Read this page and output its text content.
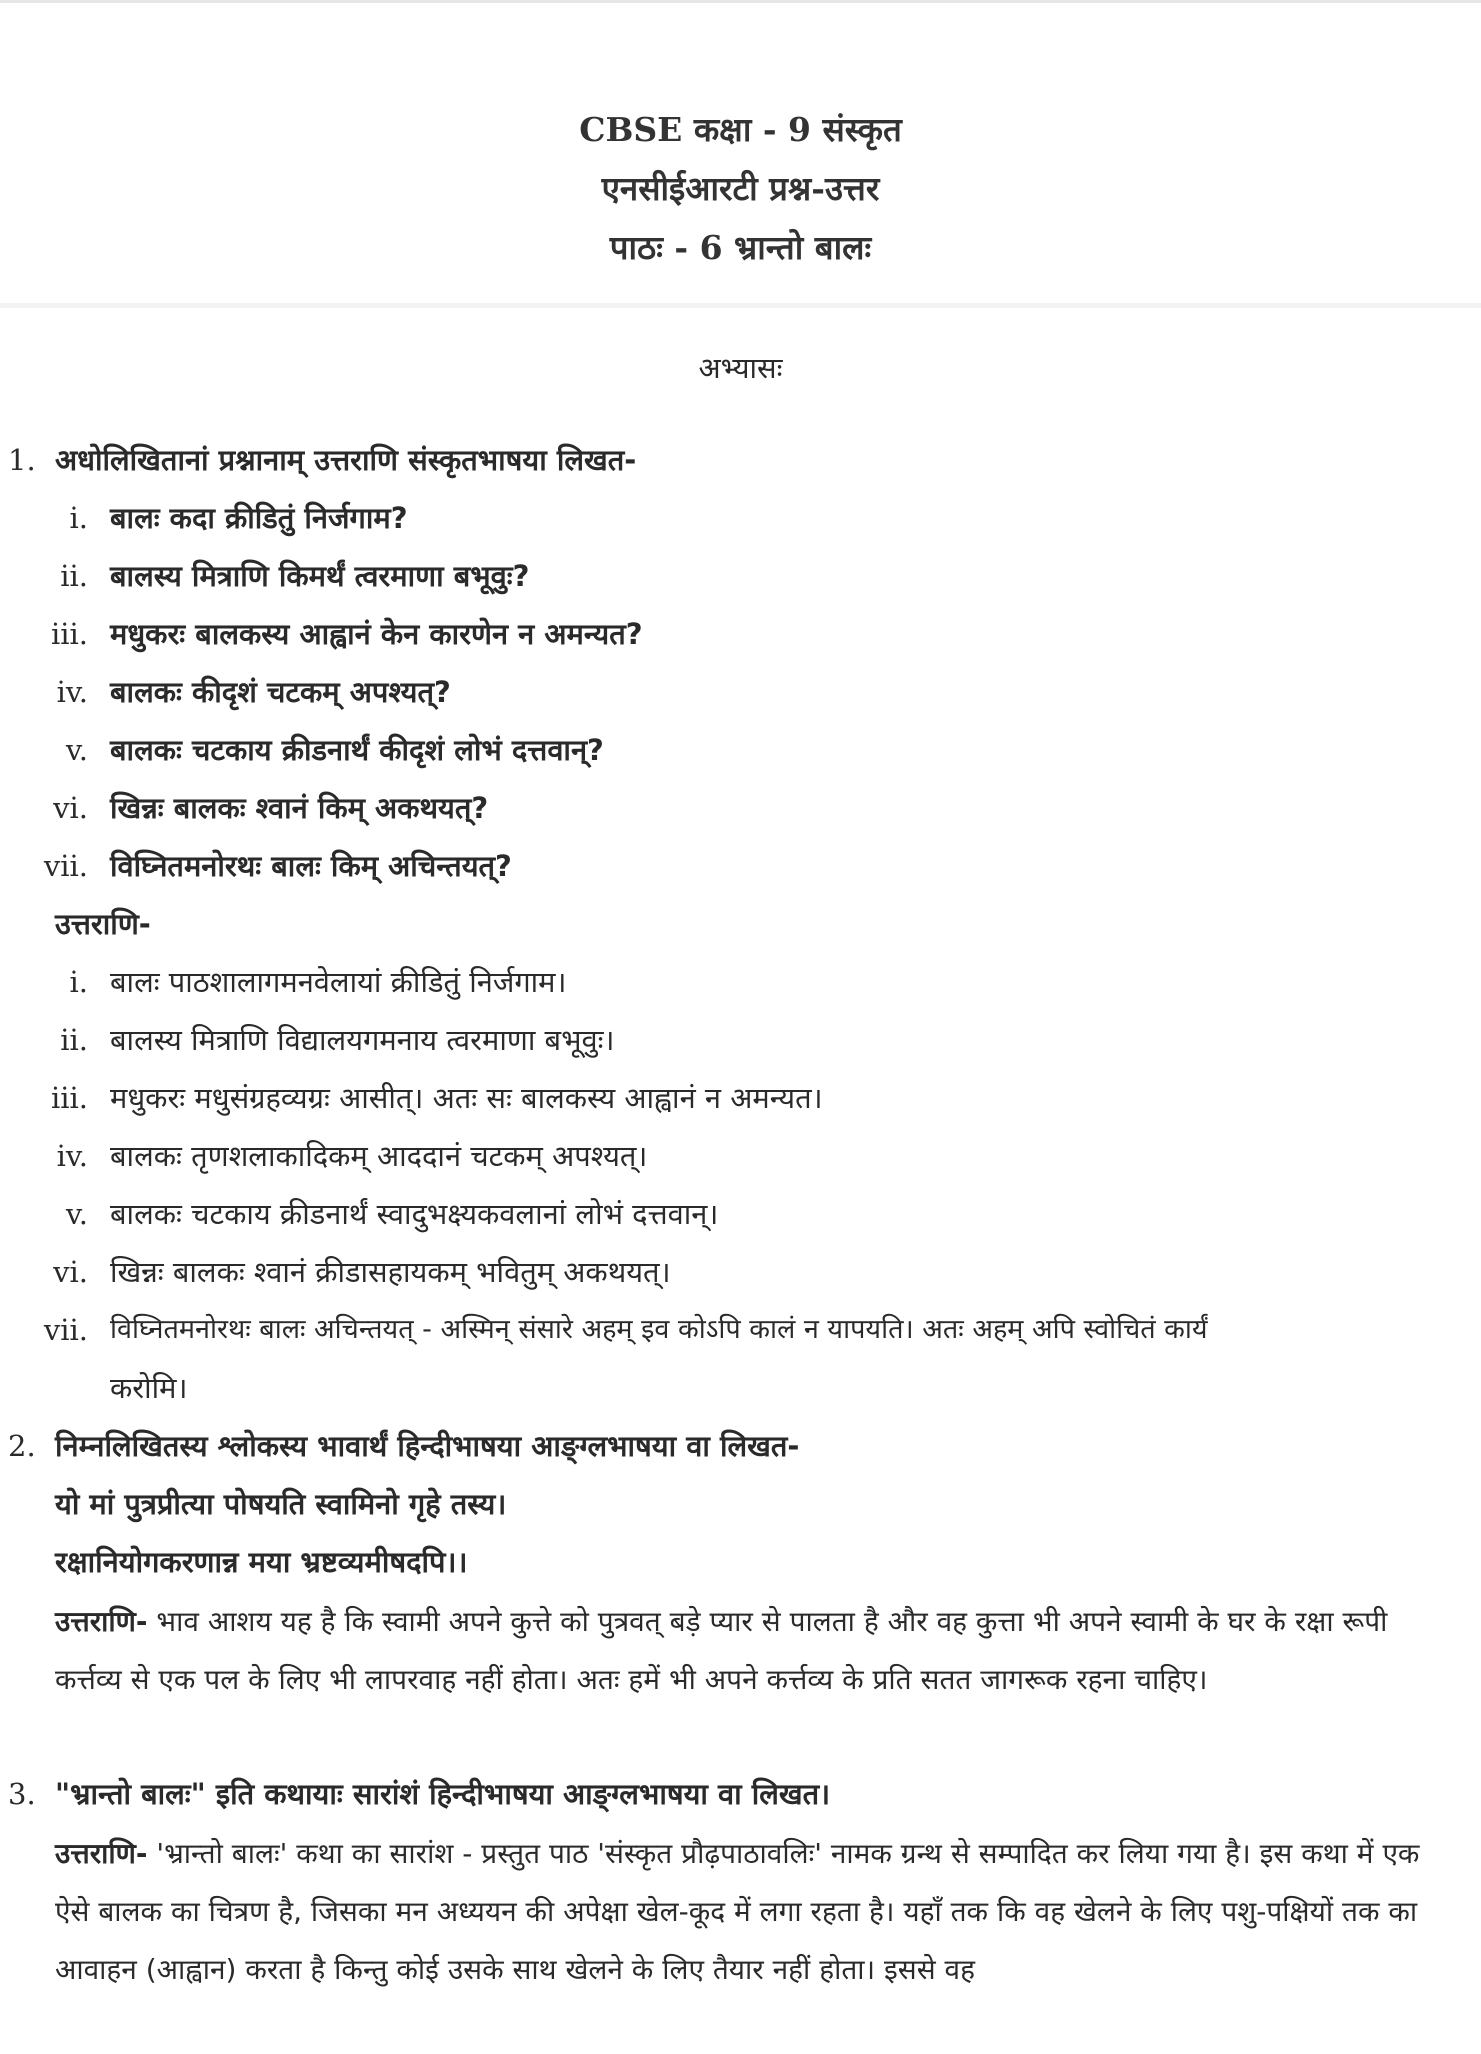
CBSE कक्षा - 9 संस्कृत
एनसीईआरटी प्रश्न-उत्तर
पाठः - 6 भ्रान्तो बालः
अभ्यासः
1. अधोलिखितानां प्रश्नानाम् उत्तराणि संस्कृतभाषया लिखत-
i. बालः कदा क्रीडितुं निर्जगाम?
ii. बालस्य मित्राणि किमर्थं त्वरमाणा बभूवुः?
iii. मधुकरः बालकस्य आह्वानं केन कारणेन न अमन्यत?
iv. बालकः कीदृशं चटकम् अपश्यत्?
v. बालकः चटकाय क्रीडनार्थं कीदृशं लोभं दत्तवान्?
vi. खिन्नः बालकः श्वानं किम् अकथयत्?
vii. विघ्नितमनोरथः बालः किम् अचिन्तयत्?
उत्तराणि-
i. बालः पाठशालागमनवेलायां क्रीडितुं निर्जगाम।
ii. बालस्य मित्राणि विद्यालयगमनाय त्वरमाणा बभूवुः।
iii. मधुकरः मधुसंग्रहव्यग्रः आसीत्। अतः सः बालकस्य आह्वानं न अमन्यत।
iv. बालकः तृणशलाकादिकम् आददानं चटकम् अपश्यत्।
v. बालकः चटकाय क्रीडनार्थं स्वादुभक्ष्यकवलानां लोभं दत्तवान्।
vi. खिन्नः बालकः श्वानं क्रीडासहायकम् भवितुम् अकथयत्।
vii. विघ्नितमनोरथः बालः अचिन्तयत् - अस्मिन् संसारे अहम् इव कोऽपि कालं न यापयति। अतः अहम् अपि स्वोचितं कार्यं
करोमि।
2. निम्नलिखितस्य श्लोकस्य भावार्थं हिन्दीभाषया आङ्ग्लभाषया वा लिखत-
यो मां पुत्रप्रीत्या पोषयति स्वामिनो गृहे तस्य।
रक्षानियोगकरणान्न मया भ्रष्टव्यमीषदपि।।
उत्तराणि- भाव आशय यह है कि स्वामी अपने कुत्ते को पुत्रवत् बड़े प्यार से पालता है और वह कुत्ता भी अपने स्वामी के घर के रक्षा रूपी कर्त्तव्य से एक पल के लिए भी लापरवाह नहीं होता। अतः हमें भी अपने कर्त्तव्य के प्रति सतत जागरूक रहना चाहिए।
3. "भ्रान्तो बालः" इति कथायाः सारांशं हिन्दीभाषया आङ्ग्लभाषया वा लिखत।
उत्तराणि- 'भ्रान्तो बालः' कथा का सारांश - प्रस्तुत पाठ 'संस्कृत प्रौढ़पाठावलिः' नामक ग्रन्थ से सम्पादित कर लिया गया है। इस कथा में एक ऐसे बालक का चित्रण है, जिसका मन अध्ययन की अपेक्षा खेल-कूद में लगा रहता है। यहाँ तक कि वह खेलने के लिए पशु-पक्षियों तक का आवाहन (आह्वान) करता है किन्तु कोई उसके साथ खेलने के लिए तैयार नहीं होता। इससे वह
